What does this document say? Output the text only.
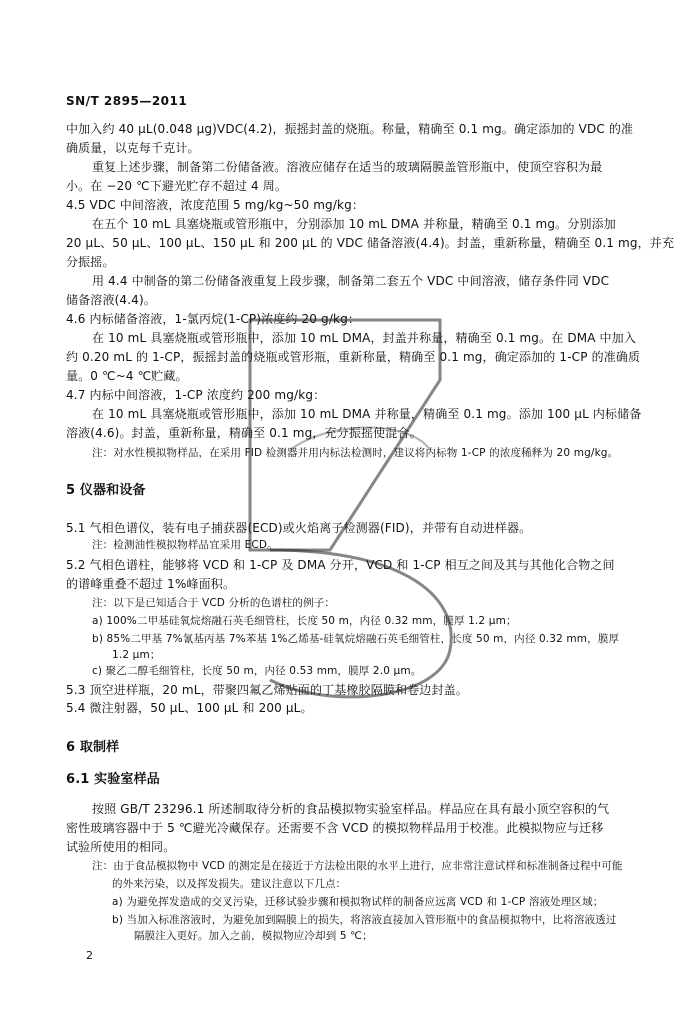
SN/T 2895—2011
中加入约 40 μL(0.048 μg)VDC(4.2)，振摇封盖的烧瓶。称量，精确至 0.1 mg。确定添加的 VDC 的准
确质量，以克每千克计。
重复上述步骤，制备第二份储备液。溶液应储存在适当的玻璃隔膜盖管形瓶中，使顶空容积为最
小。在 −20 ℃下避光贮存不超过 4 周。
4.5 VDC 中间溶液，浓度范围 5 mg/kg~50 mg/kg：
在五个 10 mL 具塞烧瓶或管形瓶中，分别添加 10 mL DMA 并称量，精确至 0.1 mg。分别添加
20 μL、50 μL、100 μL、150 μL 和 200 μL 的 VDC 储备溶液(4.4)。封盖，重新称量，精确至 0.1 mg，并充
分振摇。
用 4.4 中制备的第二份储备液重复上段步骤，制备第二套五个 VDC 中间溶液，储存条件同 VDC
储备溶液(4.4)。
4.6 内标储备溶液，1-氯丙烷(1-CP)浓度约 20 g/kg：
在 10 mL 具塞烧瓶或管形瓶中，添加 10 mL DMA，封盖并称量，精确至 0.1 mg。在 DMA 中加入
约 0.20 mL 的 1-CP，振摇封盖的烧瓶或管形瓶，重新称量，精确至 0.1 mg，确定添加的 1-CP 的准确质
量。0 ℃~4 ℃贮藏。
4.7 内标中间溶液，1-CP 浓度约 200 mg/kg：
在 10 mL 具塞烧瓶或管形瓶中，添加 10 mL DMA 并称量，精确至 0.1 mg。添加 100 μL 内标储备
溶液(4.6)。封盖，重新称量，精确至 0.1 mg，充分振摇使混合。
注：对水性模拟物样品，在采用 FID 检测器并用内标法检测时，建议将内标物 1-CP 的浓度稀释为 20 mg/kg。
5 仪器和设备
5.1 气相色谱仪，装有电子捕获器(ECD)或火焰离子检测器(FID)，并带有自动进样器。
注：检测油性模拟物样品宜采用 ECD。
5.2 气相色谱柱，能够将 VCD 和 1-CP 及 DMA 分开，VCD 和 1-CP 相互之间及其与其他化合物之间
的谱峰重叠不超过 1%峰面积。
注：以下是已知适合于 VCD 分析的色谱柱的例子：
a) 100%二甲基硅氧烷熔融石英毛细管柱，长度 50 m，内径 0.32 mm，膜厚 1.2 μm；
b) 85%二甲基 7%氰基丙基 7%苯基 1%乙烯基-硅氧烷熔融石英毛细管柱，长度 50 m，内径 0.32 mm，膜厚
1.2 μm；
c) 聚乙二醇毛细管柱，长度 50 m，内径 0.53 mm，膜厚 2.0 μm。
5.3 顶空进样瓶，20 mL，带聚四氟乙烯贴面的丁基橡胶隔膜和卷边封盖。
5.4 微注射器，50 μL、100 μL 和 200 μL。
6 取制样
6.1 实验室样品
按照 GB/T 23296.1 所述制取待分析的食品模拟物实验室样品。样品应在具有最小顶空容积的气
密性玻璃容器中于 5 ℃避光冷藏保存。还需要不含 VCD 的模拟物样品用于校准。此模拟物应与迁移
试验所使用的相同。
注：由于食品模拟物中 VCD 的测定是在接近于方法检出限的水平上进行，应非常注意试样和标准制备过程中可能
的外来污染，以及挥发损失。建议注意以下几点：
a) 为避免挥发造成的交叉污染，迁移试验步骤和模拟物试样的制备应远离 VCD 和 1-CP 溶液处理区域；
b) 当加入标准溶液时，为避免加到隔膜上的损失，将溶液直接加入管形瓶中的食品模拟物中，比将溶液透过
隔膜注入更好。加入之前，模拟物应冷却到 5 ℃；
2
